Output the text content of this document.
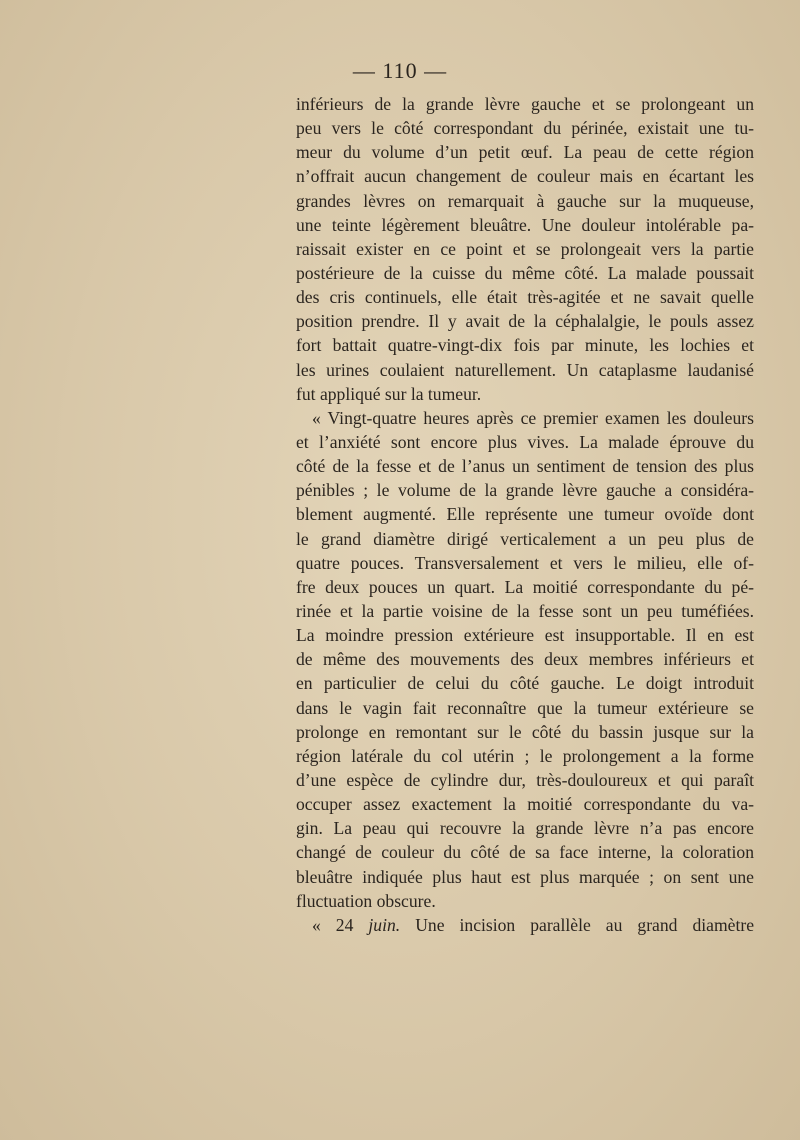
— 110 —
inférieurs de la grande lèvre gauche et se prolongeant un
peu vers le côté correspondant du périnée, existait une tu-
meur du volume d’un petit œuf. La peau de cette région
n’offrait aucun changement de couleur mais en écartant les
grandes lèvres on remarquait à gauche sur la muqueuse,
une teinte légèrement bleuâtre. Une douleur intolérable pa-
raissait exister en ce point et se prolongeait vers la partie
postérieure de la cuisse du même côté. La malade poussait
des cris continuels, elle était très-agitée et ne savait quelle
position prendre. Il y avait de la céphalalgie, le pouls assez
fort battait quatre-vingt-dix fois par minute, les lochies et
les urines coulaient naturellement. Un cataplasme laudanisé
fut appliqué sur la tumeur.
« Vingt-quatre heures après ce premier examen les douleurs
et l’anxiété sont encore plus vives. La malade éprouve du
côté de la fesse et de l’anus un sentiment de tension des plus
pénibles ; le volume de la grande lèvre gauche a considéra-
blement augmenté. Elle représente une tumeur ovoïde dont
le grand diamètre dirigé verticalement a un peu plus de
quatre pouces. Transversalement et vers le milieu, elle of-
fre deux pouces un quart. La moitié correspondante du pé-
rinée et la partie voisine de la fesse sont un peu tuméfiées.
La moindre pression extérieure est insupportable. Il en est
de même des mouvements des deux membres inférieurs et
en particulier de celui du côté gauche. Le doigt introduit
dans le vagin fait reconnaître que la tumeur extérieure se
prolonge en remontant sur le côté du bassin jusque sur la
région latérale du col utérin ; le prolongement a la forme
d’une espèce de cylindre dur, très-douloureux et qui paraît
occuper assez exactement la moitié correspondante du va-
gin. La peau qui recouvre la grande lèvre n’a pas encore
changé de couleur du côté de sa face interne, la coloration
bleuâtre indiquée plus haut est plus marquée ; on sent une
fluctuation obscure.
« 24 juin. Une incision parallèle au grand diamètre
